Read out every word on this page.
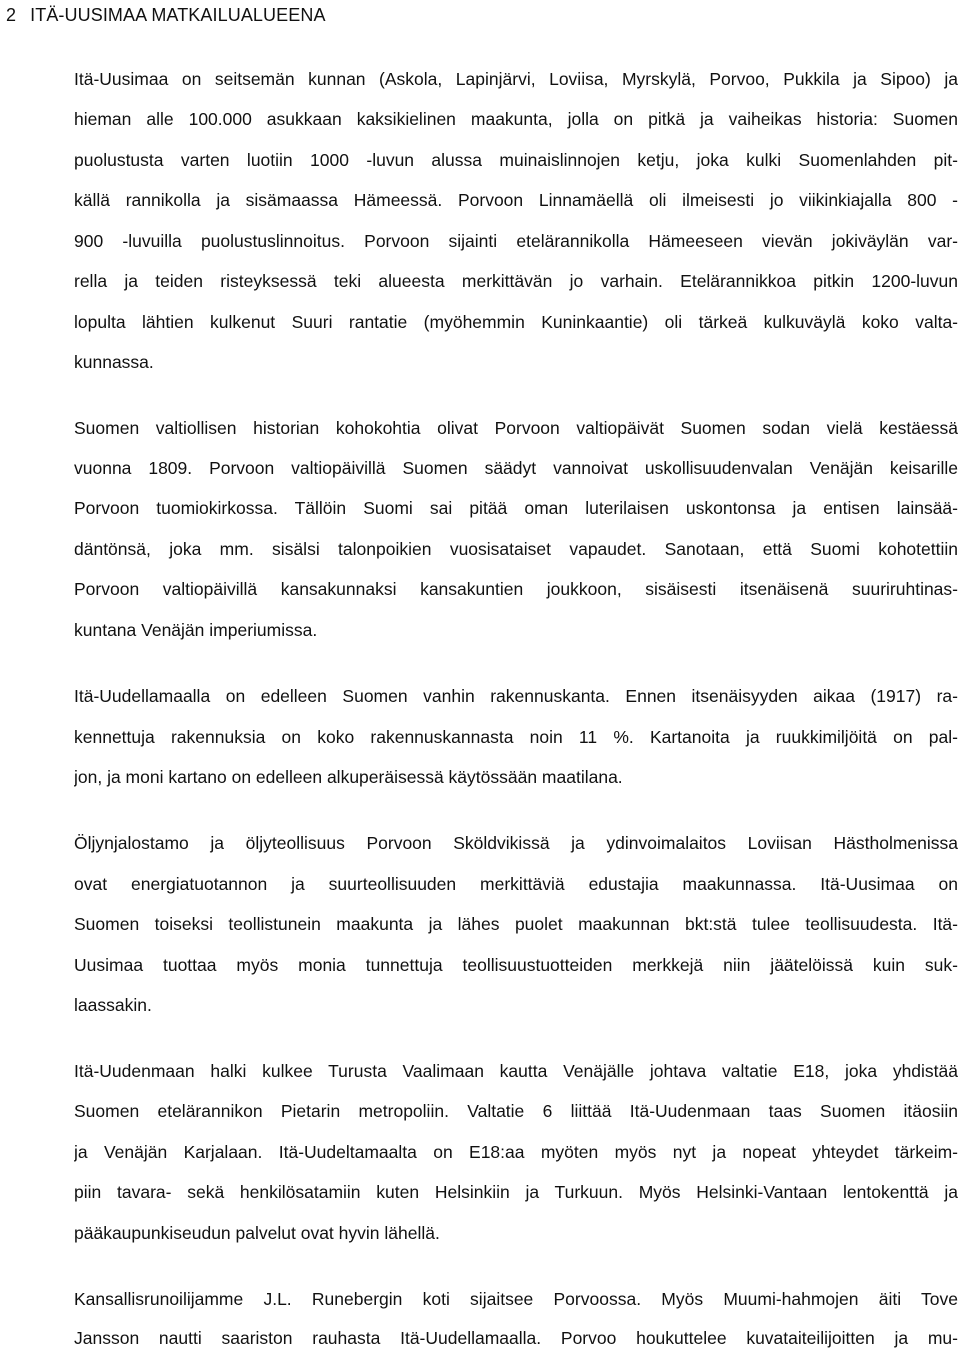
2 ITÄ-UUSIMAA MATKAILUALUEENA
Itä-Uusimaa on seitsemän kunnan (Askola, Lapinjärvi, Loviisa, Myrskylä, Porvoo, Pukkila ja Sipoo) ja
hieman alle 100.000 asukkaan kaksikielinen maakunta, jolla on pitkä ja vaiheikas historia: Suomen
puolustusta varten luotiin 1000 -luvun alussa muinaislinnojen ketju, joka kulki Suomenlahden pit-
källä rannikolla ja sisämaassa Hämeessä. Porvoon Linnamäellä oli ilmeisesti jo viikinkiajalla 800 -
900 -luvuilla puolustuslinnoitus. Porvoon sijainti etelärannikolla Hämeeseen vievän jokiväylän var-
rella ja teiden risteyksessä teki alueesta merkittävän jo varhain. Etelärannikkoa pitkin 1200-luvun
lopulta lähtien kulkenut Suuri rantatie (myöhemmin Kuninkaantie) oli tärkeä kulkuväylä koko valta-
kunnassa.
Suomen valtiollisen historian kohokohtia olivat Porvoon valtiopäivät Suomen sodan vielä kestäessä
vuonna 1809. Porvoon valtiopäivillä Suomen säädyt vannoivat uskollisuudenvalan Venäjän keisarille
Porvoon tuomiokirkossa. Tällöin Suomi sai pitää oman luterilaisen uskontonsa ja entisen lainsää-
däntönsä, joka mm. sisälsi talonpoikien vuosisataiset vapaudet. Sanotaan, että Suomi kohotettiin
Porvoon valtiopäivillä kansakunnaksi kansakuntien joukkoon, sisäisesti itsenäisenä suuriruhtinas-
kuntana Venäjän imperiumissa.
Itä-Uudellamaalla on edelleen Suomen vanhin rakennuskanta. Ennen itsenäisyyden aikaa (1917) ra-
kennettuja rakennuksia on koko rakennuskannasta noin 11 %. Kartanoita ja ruukkimiljöitä on pal-
jon, ja moni kartano on edelleen alkuperäisessä käytössään maatilana.
Öljynjalostamo ja öljyteollisuus Porvoon Sköldvikissä ja ydinvoimalaitos Loviisan Hästholmenissa
ovat energiatuotannon ja suurteollisuuden merkittäviä edustajia maakunnassa. Itä-Uusimaa on
Suomen toiseksi teollistunein maakunta ja lähes puolet maakunnan bkt:stä tulee teollisuudesta. Itä-
Uusimaa tuottaa myös monia tunnettuja teollisuustuotteiden merkkejä niin jäätelöissä kuin suk-
laassakin.
Itä-Uudenmaan halki kulkee Turusta Vaalimaan kautta Venäjälle johtava valtatie E18, joka yhdistää
Suomen etelärannikon Pietarin metropoliin. Valtatie 6 liittää Itä-Uudenmaan taas Suomen itäosiin
ja Venäjän Karjalaan. Itä-Uudeltamaalta on E18:aa myöten myös nyt ja nopeat yhteydet tärkeim-
piin tavara- sekä henkilösatamiin kuten Helsinkiin ja Turkuun. Myös Helsinki-Vantaan lentokenttä ja
pääkaupunkiseudun palvelut ovat hyvin lähellä.
Kansallisrunoilijamme J.L. Runebergin koti sijaitsee Porvoossa. Myös Muumi-hahmojen äiti Tove
Jansson nautti saariston rauhasta Itä-Uudellamaalla. Porvoo houkuttelee kuvataiteilijoitten ja mu-
